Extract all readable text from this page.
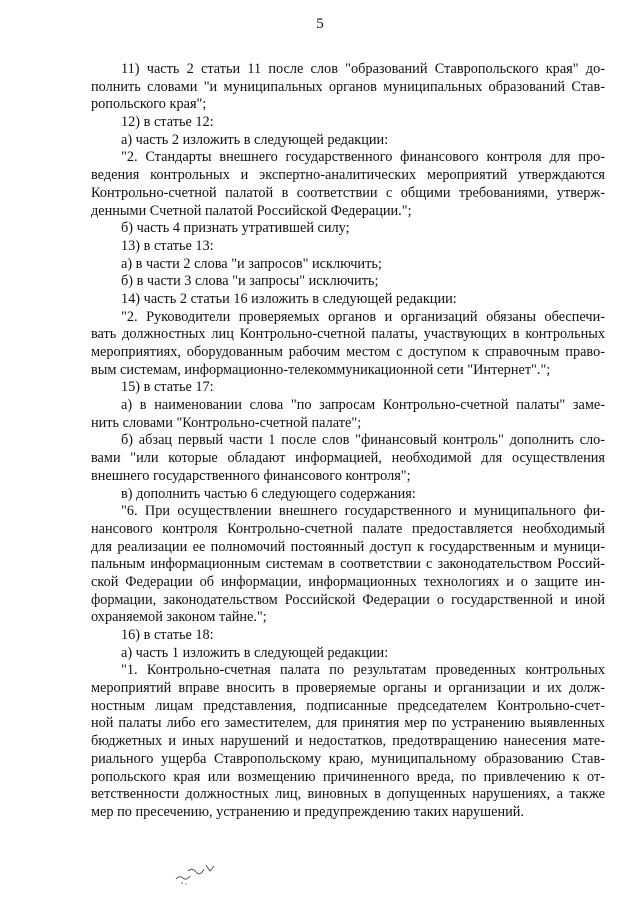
5
11) часть 2 статьи 11 после слов "образований Ставропольского края" до-
полнить словами "и муниципальных органов муниципальных образований Став-
ропольского края";
12) в статье 12:
а) часть 2 изложить в следующей редакции:
"2. Стандарты внешнего государственного финансового контроля для про-
ведения контрольных и экспертно-аналитических мероприятий утверждаются
Контрольно-счетной палатой в соответствии с общими требованиями, утверж-
денными Счетной палатой Российской Федерации.";
б) часть 4 признать утратившей силу;
13) в статье 13:
а) в части 2 слова "и запросов" исключить;
б) в части 3 слова "и запросы" исключить;
14) часть 2 статьи 16 изложить в следующей редакции:
"2. Руководители проверяемых органов и организаций обязаны обеспечи-
вать должностных лиц Контрольно-счетной палаты, участвующих в контрольных
мероприятиях, оборудованным рабочим местом с доступом к справочным право-
вым системам, информационно-телекоммуникационной сети "Интернет".";
15) в статье 17:
а) в наименовании слова "по запросам Контрольно-счетной палаты" заме-
нить словами "Контрольно-счетной палате";
б) абзац первый части 1 после слов "финансовый контроль" дополнить сло-
вами "или которые обладают информацией, необходимой для осуществления
внешнего государственного финансового контроля";
в) дополнить частью 6 следующего содержания:
"6. При осуществлении внешнего государственного и муниципального фи-
нансового контроля Контрольно-счетной палате предоставляется необходимый
для реализации ее полномочий постоянный доступ к государственным и муници-
пальным информационным системам в соответствии с законодательством Россий-
ской Федерации об информации, информационных технологиях и о защите ин-
формации, законодательством Российской Федерации о государственной и иной
охраняемой законом тайне.";
16) в статье 18:
а) часть 1 изложить в следующей редакции:
"1. Контрольно-счетная палата по результатам проведенных контрольных
мероприятий вправе вносить в проверяемые органы и организации и их долж-
ностным лицам представления, подписанные председателем Контрольно-счет-
ной палаты либо его заместителем, для принятия мер по устранению выявленных
бюджетных и иных нарушений и недостатков, предотвращению нанесения мате-
риального ущерба Ставропольскому краю, муниципальному образованию Став-
ропольского края или возмещению причиненного вреда, по привлечению к от-
ветственности должностных лиц, виновных в допущенных нарушениях, а также
мер по пресечению, устранению и предупреждению таких нарушений.
